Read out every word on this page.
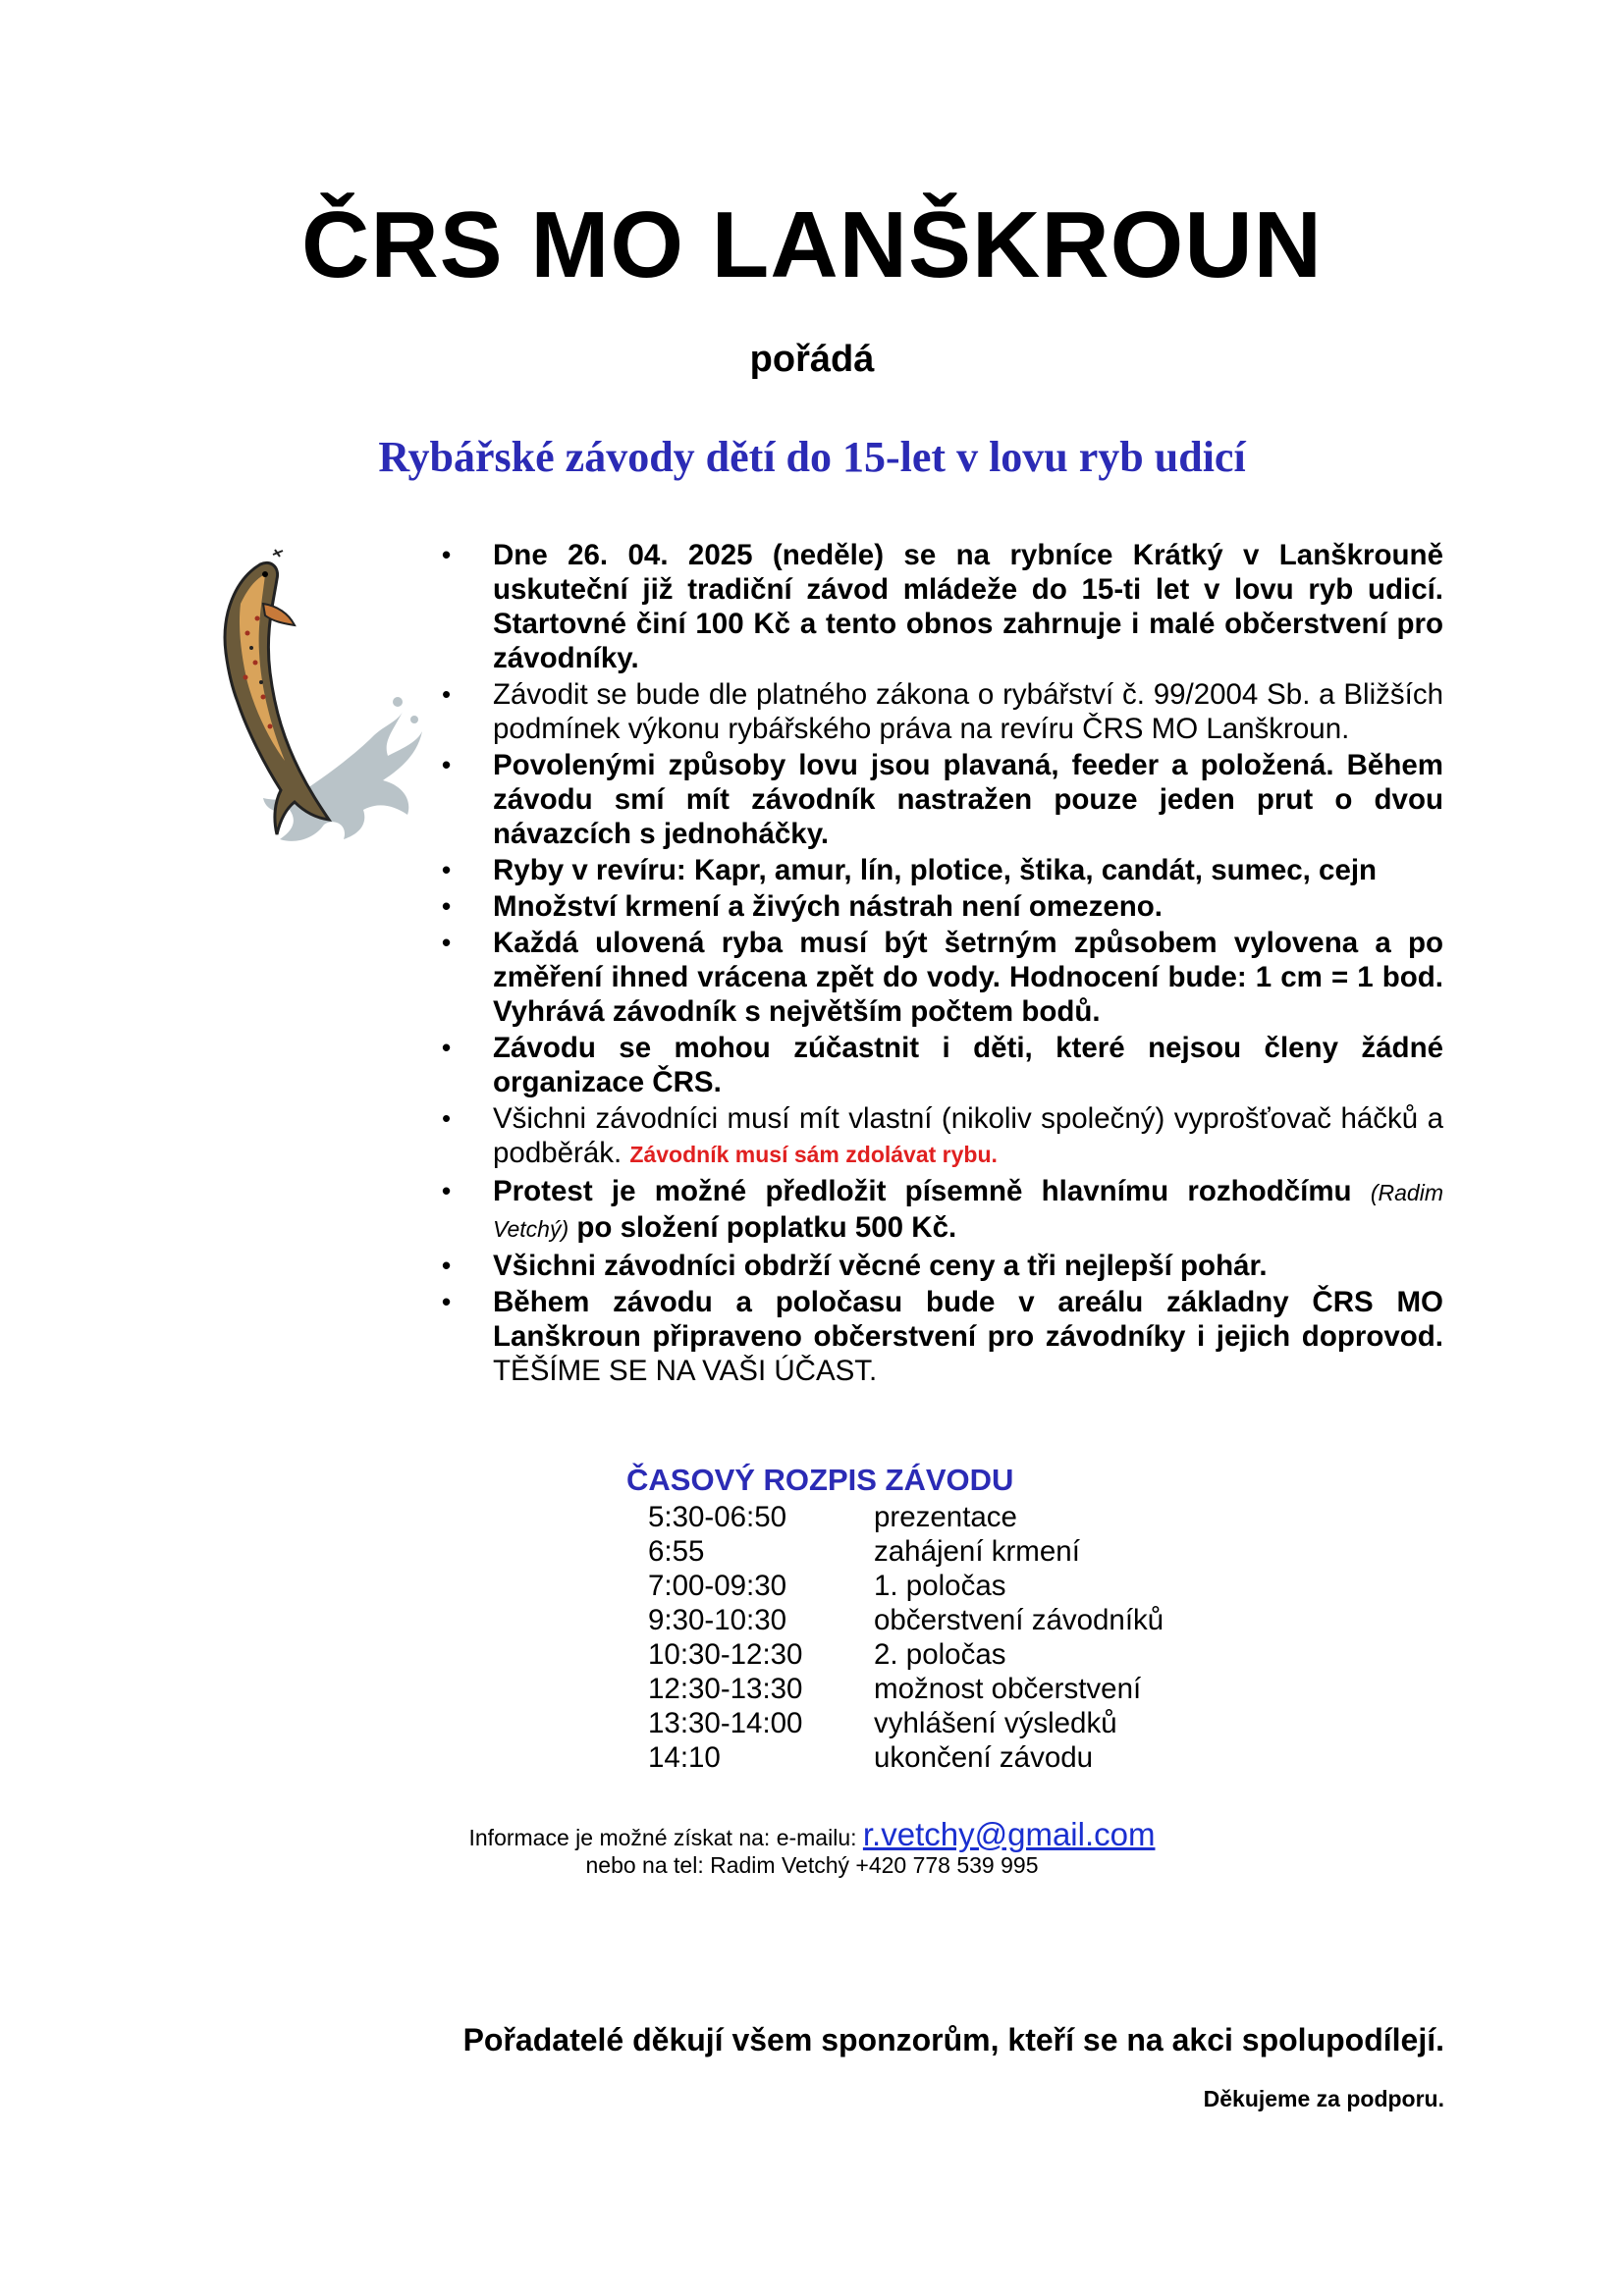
ČRS MO LANŠKROUN
pořádá
Rybářské závody dětí do 15-let v lovu ryb udicí
• Dne 26. 04. 2025 (neděle) se na rybníce Krátký v Lanškrouně uskuteční již tradiční závod mládeže do 15-ti let v lovu ryb udicí. Startovné činí 100 Kč a tento obnos zahrnuje i malé občerstvení pro závodníky.
• Závodit se bude dle platného zákona o rybářství č. 99/2004 Sb. a Bližších podmínek výkonu rybářského práva na revíru ČRS MO Lanškroun.
• Povolenými způsoby lovu jsou plavaná, feeder a položená. Během závodu smí mít závodník nastražen pouze jeden prut o dvou návazcích s jednoháčky.
• Ryby v revíru: Kapr, amur, lín, plotice, štika, candát, sumec, cejn
• Množství krmení a živých nástrah není omezeno.
• Každá ulovená ryba musí být šetrným způsobem vylovena a po změření ihned vrácena zpět do vody. Hodnocení bude: 1 cm = 1 bod. Vyhrává závodník s největším počtem bodů.
• Závodu se mohou zúčastnit i děti, které nejsou členy žádné organizace ČRS.
• Všichni závodníci musí mít vlastní (nikoliv společný) vyprošťovač háčků a podběrák. Závodník musí sám zdolávat rybu.
• Protest je možné předložit písemně hlavnímu rozhodčímu (Radim Vetchý) po složení poplatku 500 Kč.
• Všichni závodníci obdrží věcné ceny a tři nejlepší pohár.
• Během závodu a poločasu bude v areálu základny ČRS MO Lanškroun připraveno občerstvení pro závodníky i jejich doprovod. TĚŠÍME SE NA VAŠI ÚČAST.
ČASOVÝ ROZPIS ZÁVODU
5:30-06:50	prezentace
6:55	zahájení krmení
7:00-09:30	1. poločas
9:30-10:30	občerstvení závodníků
10:30-12:30	2. poločas
12:30-13:30	možnost občerstvení
13:30-14:00	vyhlášení výsledků
14:10	ukončení závodu
Informace je možné získat na: e-mailu: r.vetchy@gmail.com
nebo na tel: Radim Vetchý +420 778 539 995
Pořadatelé děkují všem sponzorům, kteří se na akci spolupodílejí.
Děkujeme za podporu.
